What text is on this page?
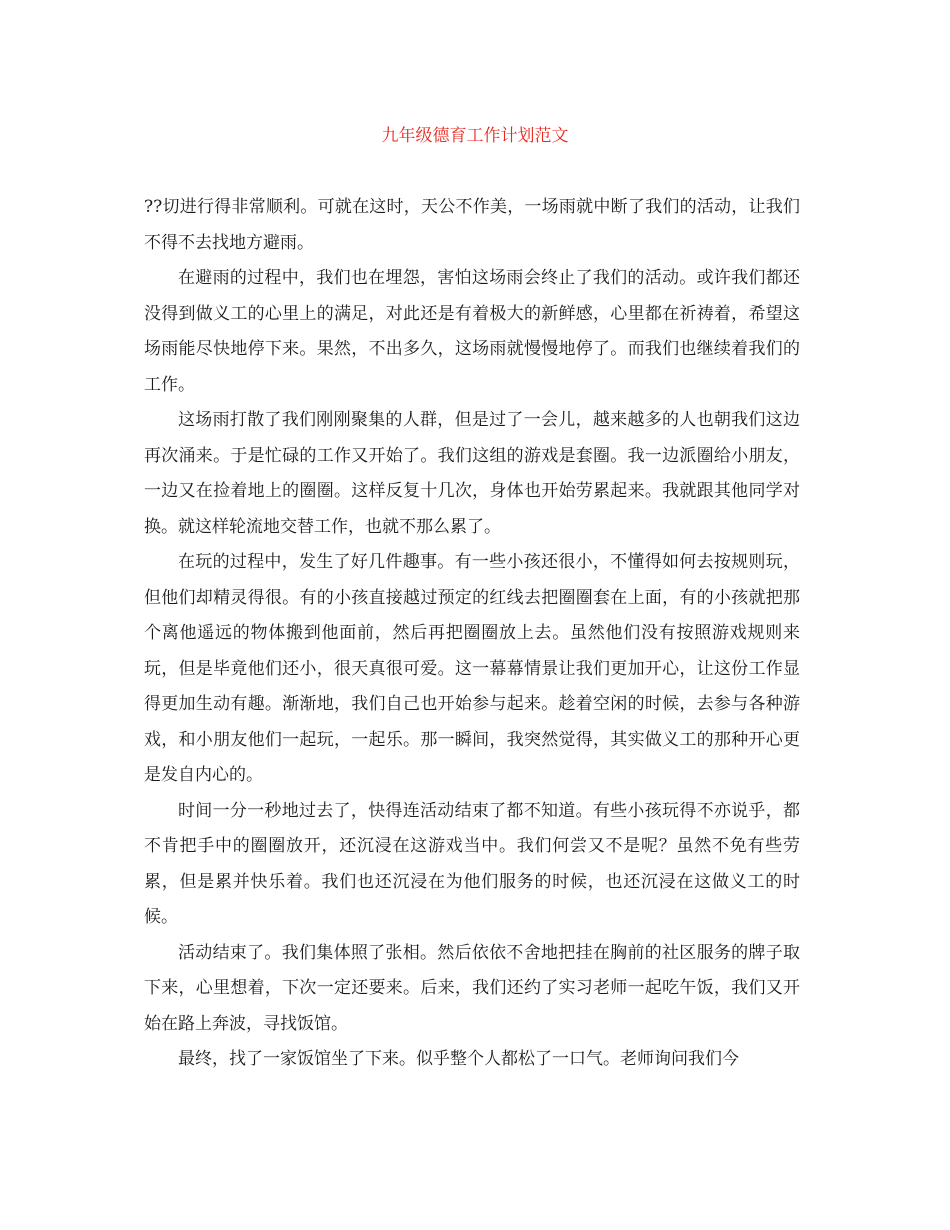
九年级德育工作计划范文

??切进行得非常顺利。可就在这时，天公不作美，一场雨就中断了我们的活动，让我们不得不去找地方避雨。

在避雨的过程中，我们也在埋怨，害怕这场雨会终止了我们的活动。或许我们都还没得到做义工的心里上的满足，对此还是有着极大的新鲜感，心里都在祈祷着，希望这场雨能尽快地停下来。果然，不出多久，这场雨就慢慢地停了。而我们也继续着我们的工作。

这场雨打散了我们刚刚聚集的人群，但是过了一会儿，越来越多的人也朝我们这边再次涌来。于是忙碌的工作又开始了。我们这组的游戏是套圈。我一边派圈给小朋友，一边又在捡着地上的圈圈。这样反复十几次，身体也开始劳累起来。我就跟其他同学对换。就这样轮流地交替工作，也就不那么累了。

在玩的过程中，发生了好几件趣事。有一些小孩还很小，不懂得如何去按规则玩，但他们却精灵得很。有的小孩直接越过预定的红线去把圈圈套在上面，有的小孩就把那个离他遥远的物体搬到他面前，然后再把圈圈放上去。虽然他们没有按照游戏规则来玩，但是毕竟他们还小，很天真很可爱。这一幕幕情景让我们更加开心，让这份工作显得更加生动有趣。渐渐地，我们自己也开始参与起来。趁着空闲的时候，去参与各种游戏，和小朋友他们一起玩，一起乐。那一瞬间，我突然觉得，其实做义工的那种开心更是发自内心的。

时间一分一秒地过去了，快得连活动结束了都不知道。有些小孩玩得不亦说乎，都不肯把手中的圈圈放开，还沉浸在这游戏当中。我们何尝又不是呢？虽然不免有些劳累，但是累并快乐着。我们也还沉浸在为他们服务的时候，也还沉浸在这做义工的时候。

活动结束了。我们集体照了张相。然后依依不舍地把挂在胸前的社区服务的牌子取下来，心里想着，下次一定还要来。后来，我们还约了实习老师一起吃午饭，我们又开始在路上奔波，寻找饭馆。

最终，找了一家饭馆坐了下来。似乎整个人都松了一口气。老师询问我们今
